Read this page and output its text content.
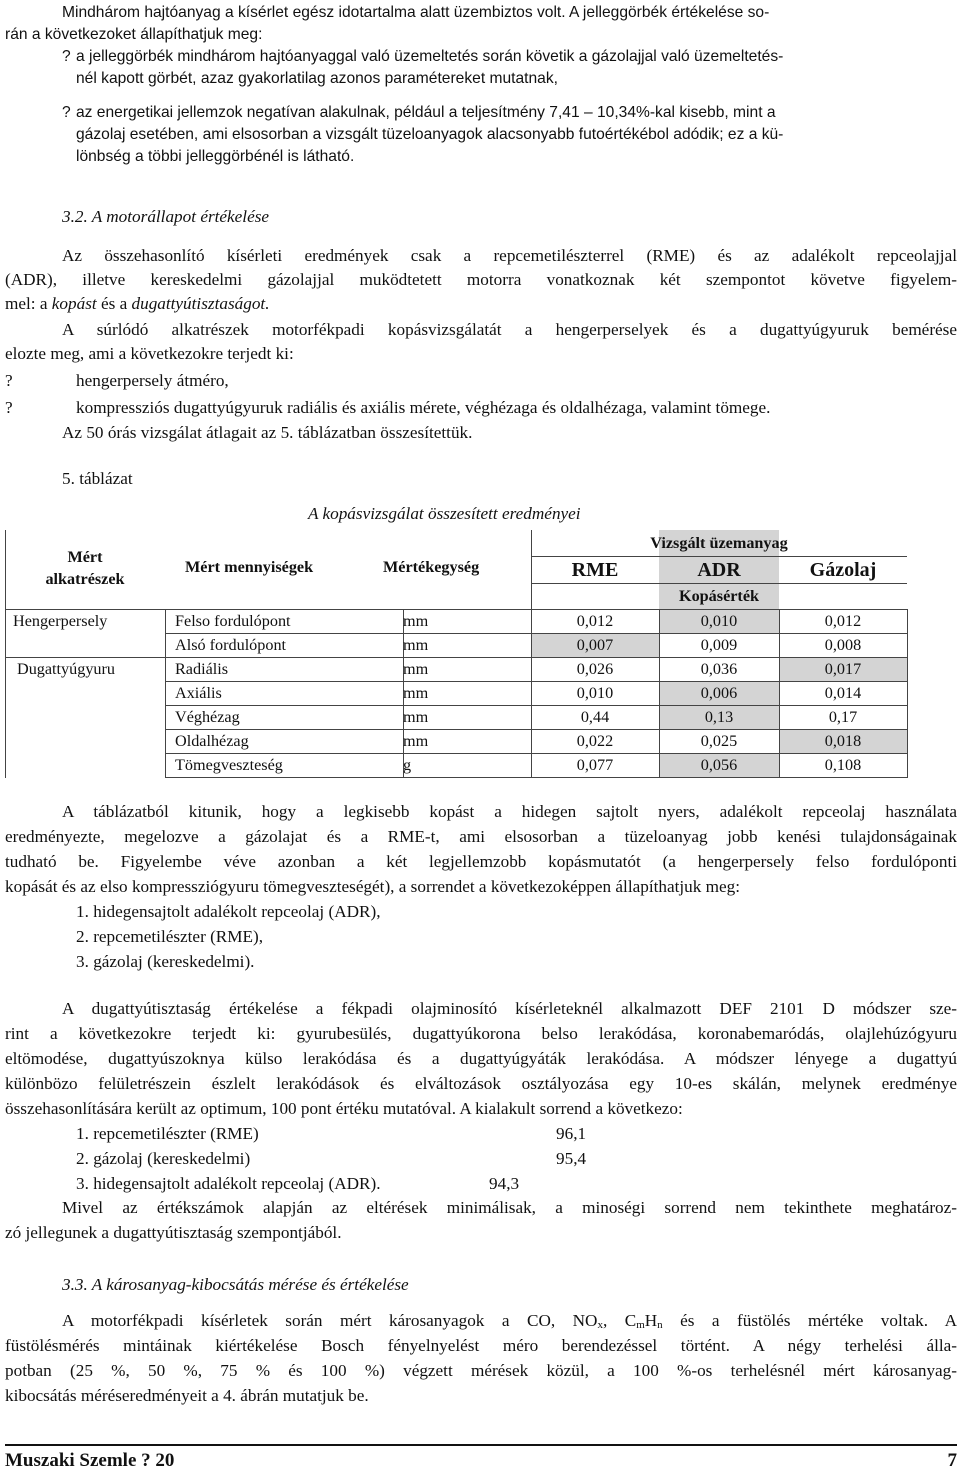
Mindhárom hajtóanyag a kísérlet egész idotartalma alatt üzembiztos volt. A jelleggörbék értékelése so-
rán a következoket állapíthatjuk meg:
? a jelleggörbék mindhárom hajtóanyaggal való üzemeltetés során követik a gázolajjal való üzemeltetés-
nél kapott görbét, azaz gyakorlatilag azonos paramétereket mutatnak,
? az energetikai jellemzok negatívan alakulnak, például a teljesítmény 7,41 – 10,34%-kal kisebb, mint a
gázolaj esetében, ami elsosorban a vizsgált tüzeloanyagok alacsonyabb futoértékébol adódik; ez a kü-
lönbség a többi jelleggörbénél is látható.
3.2. A motorállapot értékelése
Az összehasonlító kísérleti eredmények csak a repcemetilészterrel (RME) és az adalékolt repceolajjal
(ADR), illetve kereskedelmi gázolajjal muködtetett motorra vonatkoznak két szempontot követve figyelem-
mel: a kopást és a dugattyútisztaságot.
A súrlódó alkatrészek motorfékpadi kopásvizsgálatát a hengerperselyek és a dugattyúgyuruk bemérése
elozte meg, ami a következokre terjedt ki:
?	hengerpersely átméro,
?	kompressziós dugattyúgyuruk radiális és axiális mérete, véghézaga és oldalhézaga, valamint tömege.
Az 50 órás vizsgálat átlagait az 5. táblázatban összesítettük.
5. táblázat
A kopásvizsgálat összesített eredményei
Mért
alkatrészek
Mért mennyiségek	Mértékegység
Vizsgált üzemanyag
RME	ADR	Gázolaj
Kopásérték
Hengerpersely	Felso fordulópont	mm	0,012	0,010	0,012
Alsó fordulópont	mm	0,007	0,009	0,008
Dugattyúgyuru	Radiális	mm	0,026	0,036	0,017
Axiális	mm	0,010	0,006	0,014
Véghézag	mm	0,44	0,13	0,17
Oldalhézag	mm	0,022	0,025	0,018
Tömegveszteség	g	0,077	0,056	0,108
A táblázatból kitunik, hogy a legkisebb kopást a hidegen sajtolt nyers, adalékolt repceolaj használata
eredményezte, megelozve a gázolajat és a RME-t, ami elsosorban a tüzeloanyag jobb kenési tulajdonságainak
tudható be. Figyelembe véve azonban a két legjellemzobb kopásmutatót (a hengerpersely felso fordulóponti
kopását és az elso kompressziógyuru tömegveszteségét), a sorrendet a következoképpen állapíthatjuk meg:
1. hidegensajtolt adalékolt repceolaj (ADR),
2. repcemetilészter (RME),
3. gázolaj (kereskedelmi).
A dugattyútisztaság értékelése a fékpadi olajminosító kísérleteknél alkalmazott DEF 2101 D módszer sze-
rint a következokre terjedt ki: gyurubesülés, dugattyúkorona belso lerakódása, koronabemaródás, olajlehúzógyuru
eltömodése, dugattyúszoknya külso lerakódása és a dugattyúgyáták lerakódása. A módszer lényege a dugattyú
különbözo felületrészein észlelt lerakódások és elváltozások osztályozása egy 10-es skálán, melynek eredménye
összehasonlítására került az optimum, 100 pont értéku mutatóval. A kialakult sorrend a következo:
1. repcemetilészter (RME)	96,1
2. gázolaj (kereskedelmi)	95,4
3. hidegensajtolt adalékolt repceolaj (ADR).	94,3
Mivel az értékszámok alapján az eltérések minimálisak, a minoségi sorrend nem tekinthete meghatároz-
zó jellegunek a dugattyútisztaság szempontjából.
3.3. A károsanyag-kibocsátás mérése és értékelése
A motorfékpadi kísérletek során mért károsanyagok a CO, $NO_x$, $C_mH_n$ és a füstölés mértéke voltak. A
füstölésmérés mintáinak kiértékelése Bosch fényelnyelést méro berendezéssel történt. A négy terhelési álla-
potban (25 %, 50 %, 75 % és 100 %) végzett mérések közül, a 100 %-os terhelésnél mért károsanyag-
kibocsátás méréseredményeit a 4. ábrán mutatjuk be.
Muszaki Szemle ? 20	7
